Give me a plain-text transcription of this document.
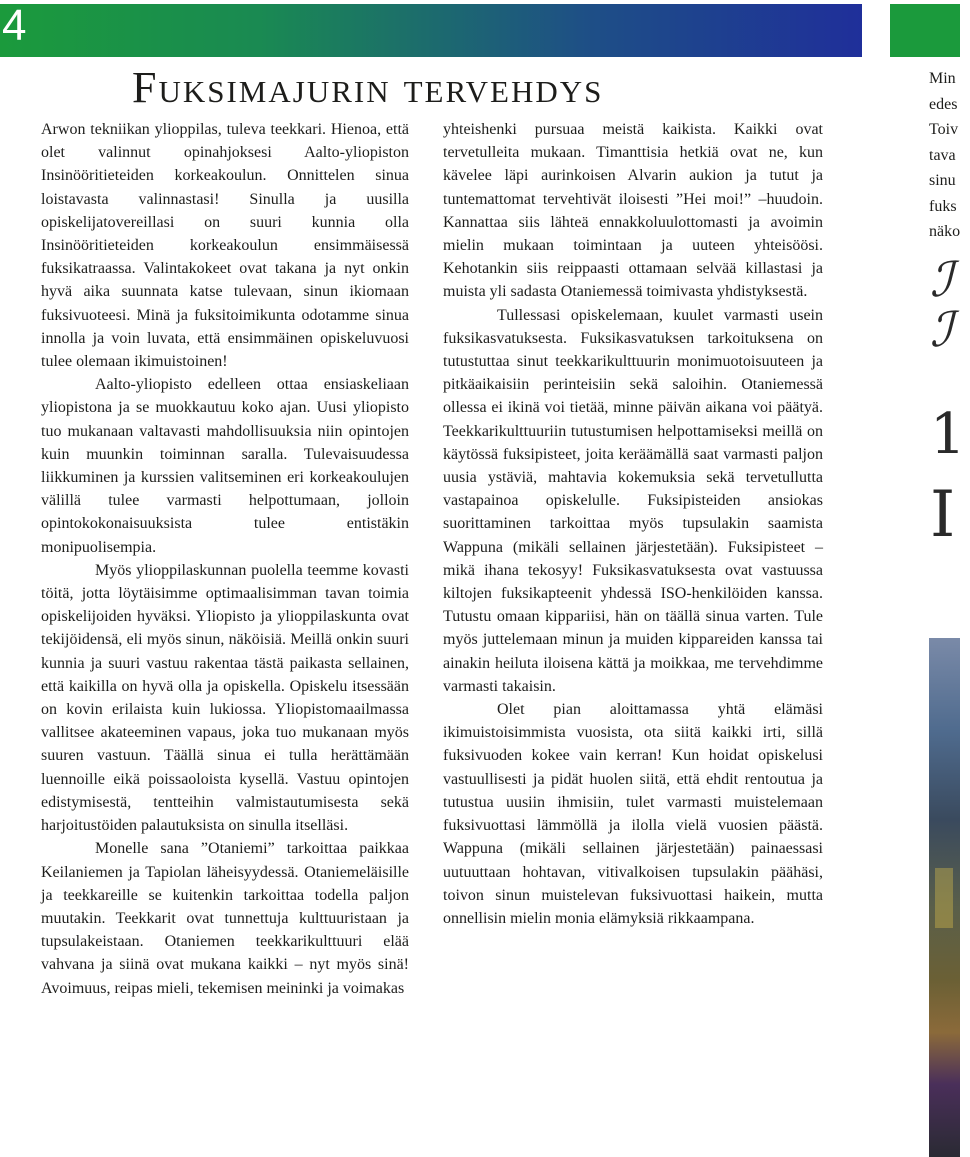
4
Fuksimajurin tervehdys

Arwon tekniikan ylioppilas, tuleva teekkari. Hienoa, että olet valinnut opinahjoksesi Aalto-yliopiston Insinööritieteiden korkeakoulun. Onnittelen sinua loistavasta valinnastasi! Sinulla ja uusilla opiskelijatovereillasi on suuri kunnia olla Insinööritieteiden korkeakoulun ensimmäisessä fuksikatraassa. Valintakokeet ovat takana ja nyt onkin hyvä aika suunnata katse tulevaan, sinun ikiomaan fuksivuoteesi. Minä ja fuksitoimikunta odotamme sinua innolla ja voin luvata, että ensimmäinen opiskeluvuosi tulee olemaan ikimuistoinen!

Aalto-yliopisto edelleen ottaa ensiaskeliaan yliopistona ja se muokkautuu koko ajan. Uusi yliopisto tuo mukanaan valtavasti mahdollisuuksia niin opintojen kuin muunkin toiminnan saralla. Tulevaisuudessa liikkuminen ja kurssien valitseminen eri korkeakoulujen välillä tulee varmasti helpottumaan, jolloin opintokokonaisuuksista tulee entistäkin monipuolisempia.

Myös ylioppilaskunnan puolella teemme kovasti töitä, jotta löytäisimme optimaalisimman tavan toimia opiskelijoiden hyväksi. Yliopisto ja ylioppilaskunta ovat tekijöidensä, eli myös sinun, näköisiä. Meillä onkin suuri kunnia ja suuri vastuu rakentaa tästä paikasta sellainen, että kaikilla on hyvä olla ja opiskella. Opiskelu itsessään on kovin erilaista kuin lukiossa. Yliopistomaailmassa vallitsee akateeminen vapaus, joka tuo mukanaan myös suuren vastuun. Täällä sinua ei tulla herättämään luennoille eikä poissaoloista kysellä. Vastuu opintojen edistymisestä, tentteihin valmistautumisesta sekä harjoitustöiden palautuksista on sinulla itselläsi.

Monelle sana ”Otaniemi” tarkoittaa paikkaa Keilaniemen ja Tapiolan läheisyydessä. Otaniemeläisille ja teekkareille se kuitenkin tarkoittaa todella paljon muutakin. Teekkarit ovat tunnettuja kulttuuristaan ja tupsulakeistaan. Otaniemen teekkarikulttuuri elää vahvana ja siinä ovat mukana kaikki – nyt myös sinä! Avoimuus, reipas mieli, tekemisen meininki ja voimakas

yhteishenki pursuaa meistä kaikista. Kaikki ovat tervetulleita mukaan. Timanttisia hetkiä ovat ne, kun kävelee läpi aurinkoisen Alvarin aukion ja tutut ja tuntemattomat tervehtivät iloisesti ”Hei moi!” –huudoin. Kannattaa siis lähteä ennakkoluulottomasti ja avoimin mielin mukaan toimintaan ja uuteen yhteisöösi. Kehotankin siis reippaasti ottamaan selvää killastasi ja muista yli sadasta Otaniemessä toimivasta yhdistyksestä.

Tullessasi opiskelemaan, kuulet varmasti usein fuksikasvatuksesta. Fuksikasvatuksen tarkoituksena on tutustuttaa sinut teekkarikulttuurin monimuotoisuuteen ja pitkäaikaisiin perinteisiin sekä saloihin. Otaniemessä ollessa ei ikinä voi tietää, minne päivän aikana voi päätyä. Teekkarikulttuuriin tutustumisen helpottamiseksi meillä on käytössä fuksipisteet, joita keräämällä saat varmasti paljon uusia ystäviä, mahtavia kokemuksia sekä tervetullutta vastapainoa opiskelulle. Fuksipisteiden ansiokas suorittaminen tarkoittaa myös tupsulakin saamista Wappuna (mikäli sellainen järjestetään). Fuksipisteet – mikä ihana tekosyy! Fuksikasvatuksesta ovat vastuussa kiltojen fuksikapteenit yhdessä ISO-henkilöiden kanssa. Tutustu omaan kippariisi, hän on täällä sinua varten. Tule myös juttelemaan minun ja muiden kippareiden kanssa tai ainakin heiluta iloisena kättä ja moikkaa, me tervehdimme varmasti takaisin.

Olet pian aloittamassa yhtä elämäsi ikimuistoisimmista vuosista, ota siitä kaikki irti, sillä fuksivuoden kokee vain kerran! Kun hoidat opiskelusi vastuullisesti ja pidät huolen siitä, että ehdit rentoutua ja tutustua uusiin ihmisiin, tulet varmasti muistelemaan fuksivuottasi lämmöllä ja ilolla vielä vuosien päästä. Wappuna (mikäli sellainen järjestetään) painaessasi uutuuttaan hohtavan, vitivalkoisen tupsulakin päähäsi, toivon sinun muistelevan fuksivuottasi haikein, mutta onnellisin mielin monia elämyksiä rikkaampana.

Min
edes
Toiv
tava
sinu
fuks
näko
ℐ
ℐ
1
I
